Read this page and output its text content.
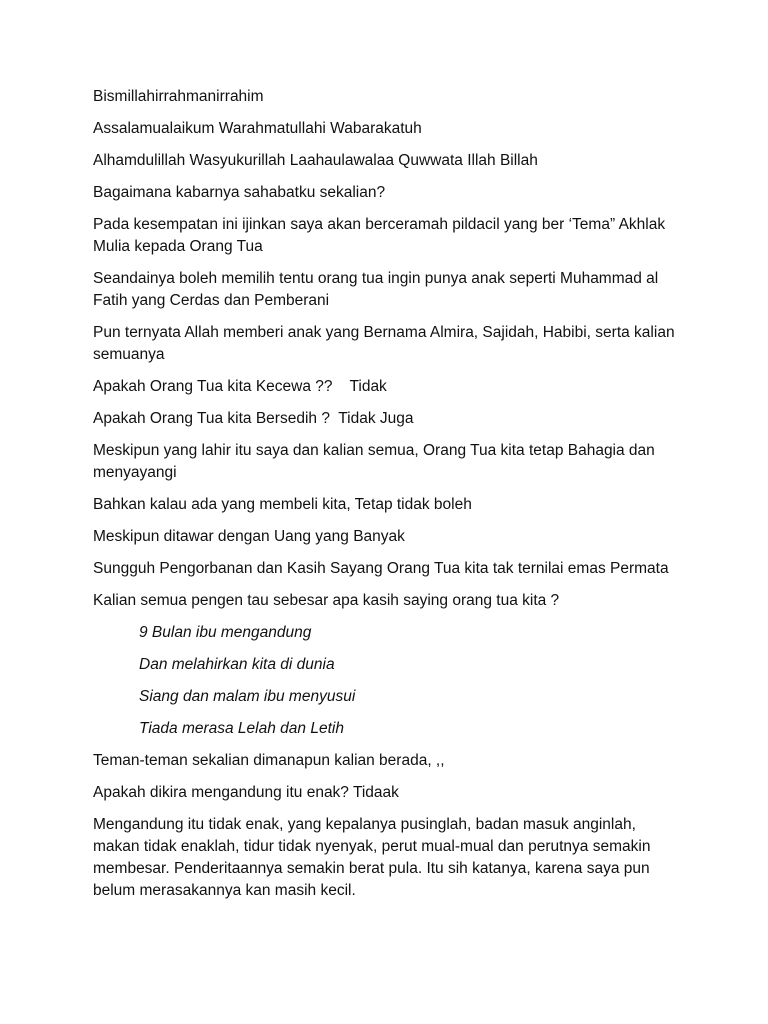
Bismillahirrahmanirrahim

Assalamualaikum Warahmatullahi Wabarakatuh

Alhamdulillah Wasyukurillah Laahaulawalaa Quwwata Illah Billah

Bagaimana kabarnya sahabatku sekalian?

Pada kesempatan ini ijinkan saya akan berceramah pildacil yang ber ‘Tema” Akhlak Mulia kepada Orang Tua

Seandainya boleh memilih tentu orang tua ingin punya anak seperti Muhammad al Fatih yang Cerdas dan Pemberani

Pun ternyata Allah memberi anak yang Bernama Almira, Sajidah, Habibi, serta kalian semuanya

Apakah Orang Tua kita Kecewa ??    Tidak

Apakah Orang Tua kita Bersedih ?  Tidak Juga

Meskipun yang lahir itu saya dan kalian semua, Orang Tua kita tetap Bahagia dan menyayangi

Bahkan kalau ada yang membeli kita, Tetap tidak boleh

Meskipun ditawar dengan Uang yang Banyak

Sungguh Pengorbanan dan Kasih Sayang Orang Tua kita tak ternilai emas Permata

Kalian semua pengen tau sebesar apa kasih saying orang tua kita ?

9 Bulan ibu mengandung

Dan melahirkan kita di dunia

Siang dan malam ibu menyusui

Tiada merasa Lelah dan Letih

Teman-teman sekalian dimanapun kalian berada, ,,

Apakah dikira mengandung itu enak? Tidaak

Mengandung itu tidak enak, yang kepalanya pusinglah, badan masuk anginlah, makan tidak enaklah, tidur tidak nyenyak, perut mual-mual dan perutnya semakin membesar. Penderitaannya semakin berat pula. Itu sih katanya, karena saya pun belum merasakannya kan masih kecil.
